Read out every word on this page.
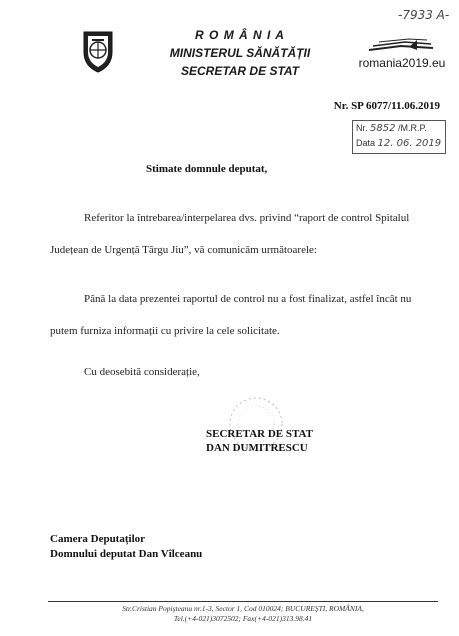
-7933 A-
R O M Â N I A
MINISTERUL SĂNĂTĂȚII
SECRETAR DE STAT
romania2019.eu
Nr. SP 6077/11.06.2019
Nr. 5852 /M.R.P.
Data 12. 06. 2019
Stimate domnule deputat,
Referitor la întrebarea/interpelarea dvs. privind “raport de control Spitalul
Județean de Urgență Târgu Jiu”, vă comunicăm următoarele:
Până la data prezentei raportul de control nu a fost finalizat, astfel încât nu
putem furniza informații cu privire la cele solicitate.
Cu deosebită considerație,
SECRETAR DE STAT
DAN DUMITRESCU
Camera Deputaților
Domnului deputat Dan Vîlceanu
Str.Cristian Popişteanu nr.1-3, Sector 1, Cod 010024; BUCUREŞTI, ROMÂNIA,
Tel.(+4-021)3072502; Fax(+4-021)313.98.41
